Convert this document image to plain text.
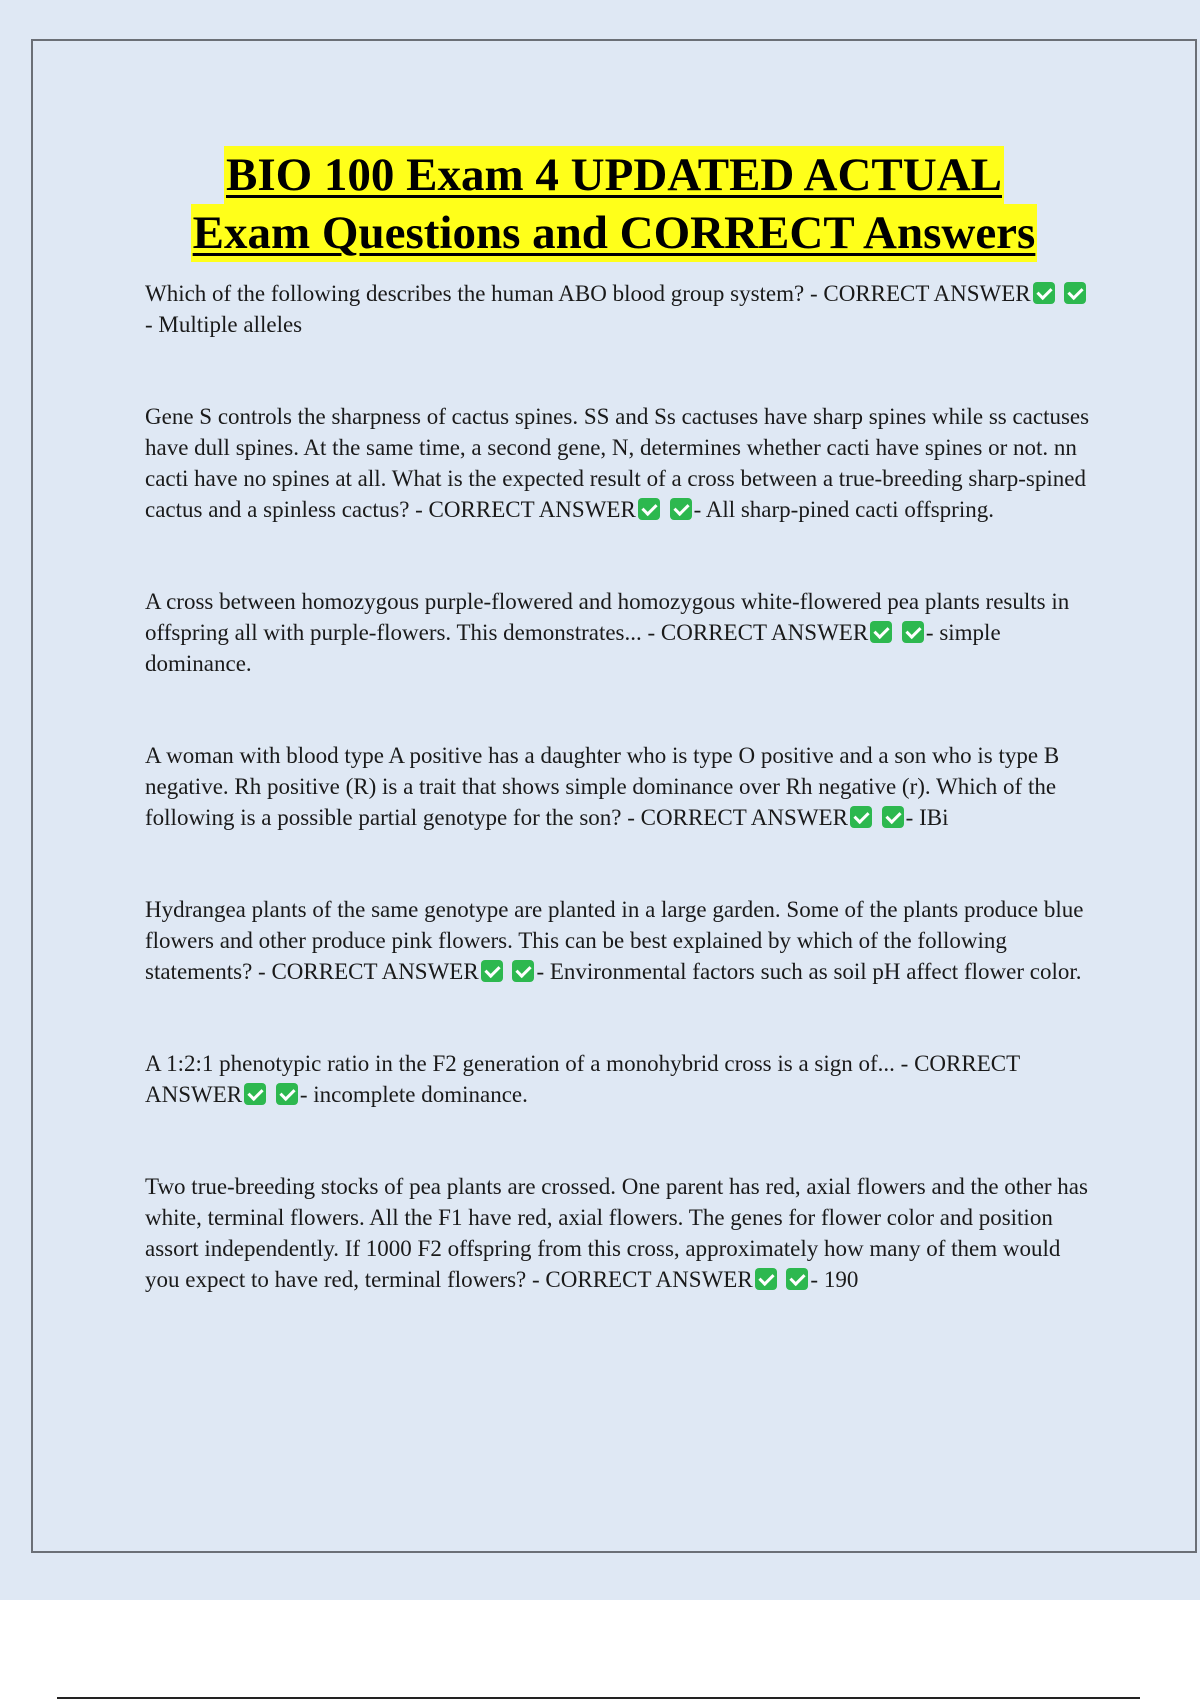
BIO 100 Exam 4 UPDATED ACTUAL
Exam Questions and CORRECT Answers

Which of the following describes the human ABO blood group system? - CORRECT ANSWER - Multiple alleles

Gene S controls the sharpness of cactus spines. SS and Ss cactuses have sharp spines while ss cactuses have dull spines. At the same time, a second gene, N, determines whether cacti have spines or not. nn cacti have no spines at all. What is the expected result of a cross between a true-breeding sharp-spined cactus and a spinless cactus? - CORRECT ANSWER	- All sharp-pined cacti offspring.

A cross between homozygous purple-flowered and homozygous white-flowered pea plants results in offspring all with purple-flowers. This demonstrates... - CORRECT ANSWER	- simple dominance.

A woman with blood type A positive has a daughter who is type O positive and a son who is type B negative. Rh positive (R) is a trait that shows simple dominance over Rh negative (r). Which of the following is a possible partial genotype for the son? - CORRECT ANSWER	- IBi

Hydrangea plants of the same genotype are planted in a large garden. Some of the plants produce blue flowers and other produce pink flowers. This can be best explained by which of the following statements? - CORRECT ANSWER	- Environmental factors such as soil pH affect flower color.

A 1:2:1 phenotypic ratio in the F2 generation of a monohybrid cross is a sign of... - CORRECT ANSWER	- incomplete dominance.

Two true-breeding stocks of pea plants are crossed. One parent has red, axial flowers and the other has white, terminal flowers. All the F1 have red, axial flowers. The genes for flower color and position assort independently. If 1000 F2 offspring from this cross, approximately how many of them would you expect to have red, terminal flowers? - CORRECT ANSWER	- 190
